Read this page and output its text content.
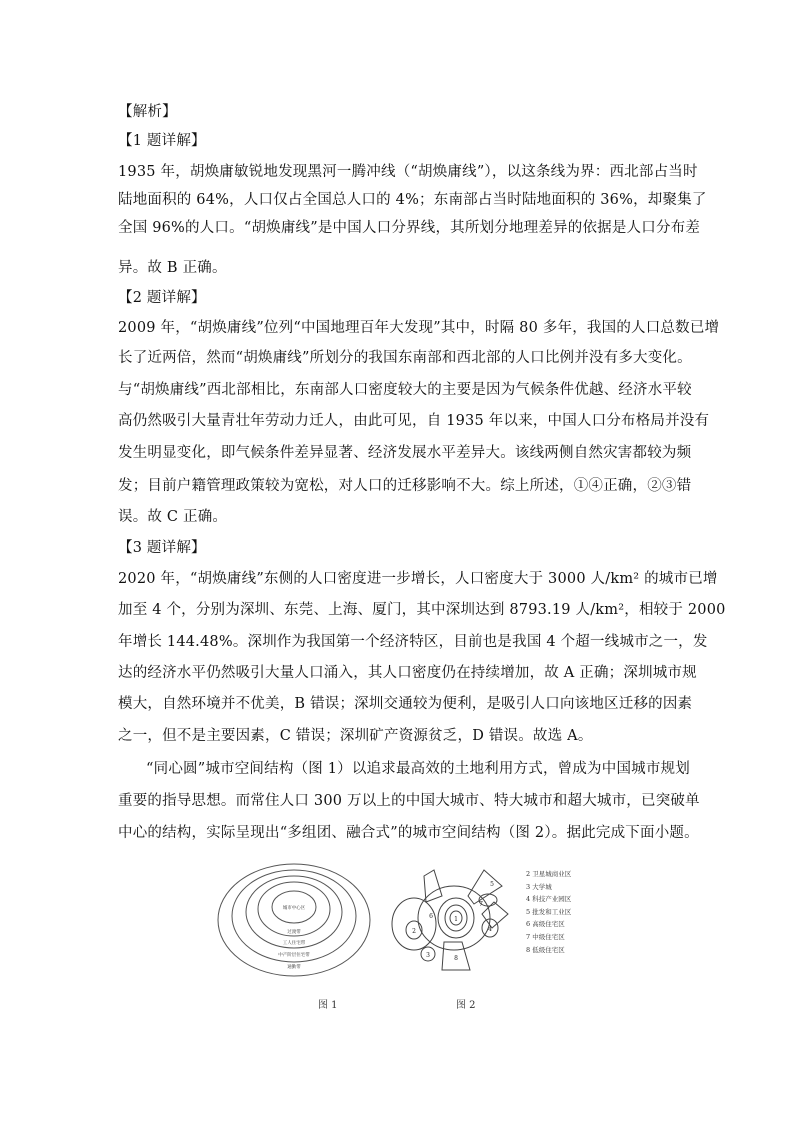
【解析】
【1 题详解】
1935 年，胡焕庸敏锐地发现黑河一腾冲线（“胡焕庸线”），以这条线为界：西北部占当时
陆地面积的 64%，人口仅占全国总人口的 4%；东南部占当时陆地面积的 36%，却聚集了
全国 96%的人口。“胡焕庸线”是中国人口分界线，其所划分地理差异的依据是人口分布差
异。故 B 正确。
【2 题详解】
2009 年，“胡焕庸线”位列“中国地理百年大发现”其中，时隔 80 多年，我国的人口总数已增
长了近两倍，然而“胡焕庸线”所划分的我国东南部和西北部的人口比例并没有多大变化。
与“胡焕庸线”西北部相比，东南部人口密度较大的主要是因为气候条件优越、经济水平较
高仍然吸引大量青壮年劳动力迁人，由此可见，自 1935 年以来，中国人口分布格局并没有
发生明显变化，即气候条件差异显著、经济发展水平差异大。该线两侧自然灾害都较为频
发；目前户籍管理政策较为宽松，对人口的迁移影响不大。综上所述，①④正确，②③错
误。故 C 正确。
【3 题详解】
2020 年，“胡焕庸线”东侧的人口密度进一步增长，人口密度大于 3000 人/km² 的城市已增
加至 4 个，分别为深圳、东莞、上海、厦门，其中深圳达到 8793.19 人/km²，相较于 2000
年增长 144.48%。深圳作为我国第一个经济特区，目前也是我国 4 个超一线城市之一，发
达的经济水平仍然吸引大量人口涌入，其人口密度仍在持续增加，故 A 正确；深圳城市规
模大，自然环境并不优美，B 错误；深圳交通较为便利，是吸引人口向该地区迁移的因素
之一，但不是主要因素，C 错误；深圳矿产资源贫乏，D 错误。故选 A。
“同心圆”城市空间结构（图 1）以追求最高效的土地利用方式，曾成为中国城市规划
重要的指导思想。而常住人口 300 万以上的中国大城市、特大城市和超大城市，已突破单
中心的结构，实际呈现出“多组团、融合式”的城市空间结构（图 2）。据此完成下面小题。
城市中心区
过渡带
工人住宅带
中产阶层住宅带
通勤带
图 1
1
2
3
4
5
6
7
8
图 2
2 卫星城商业区
3 大学城
4 科技产业园区
5 批发和工业区
6 高级住宅区
7 中级住宅区
8 低级住宅区
